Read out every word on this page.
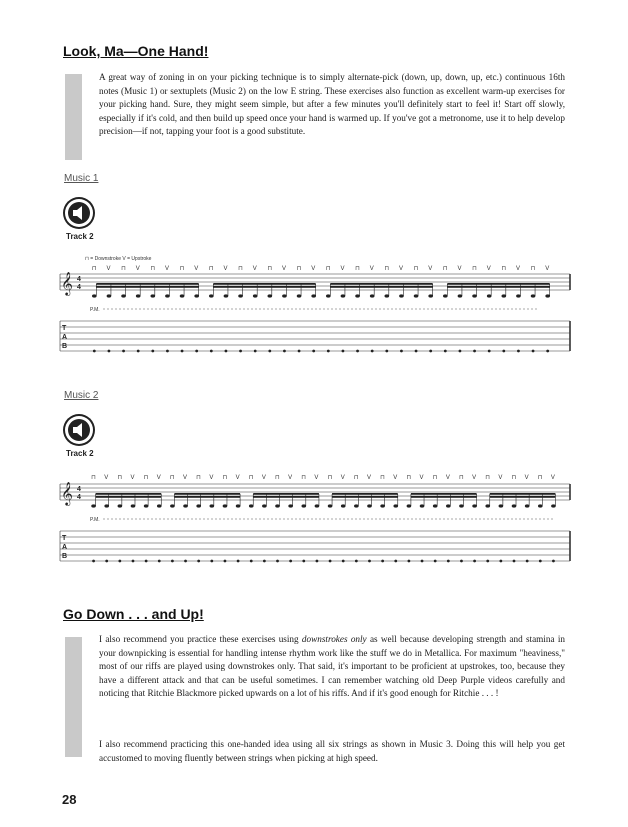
Look, Ma—One Hand!

A great way of zoning in on your picking technique is to simply alternate-pick (down, up, down, up, etc.) continuous 16th notes (Music 1) or sextuplets (Music 2) on the low E string. These exercises also function as excellent warm-up exercises for your picking hand. Sure, they might seem simple, but after a few minutes you'll definitely start to feel it! Start off slowly, especially if it's cold, and then build up speed once your hand is warmed up. If you've got a metronome, use it to help develop precision—if not, tapping your foot is a good substitute.

Music 1
Track 2
⊓ = Downstroke V = Upstroke
𝄞 4
4
⊓ V ⊓ V ⊓ V ⊓ V ⊓ V ⊓ V ⊓ V ⊓ V ⊓ V ⊓ V ⊓ V ⊓ V ⊓ V ⊓ V ⊓ V ⊓ V
P.M.
T
A
B
Music 2
Track 2
𝄞 4
4
⊓ V ⊓ V ⊓ V ⊓ V ⊓ V ⊓ V ⊓ V ⊓ V ⊓ V ⊓ V ⊓ V ⊓ V ⊓ V ⊓ V ⊓ V ⊓ V ⊓ V ⊓ V
P.M.
T
A
B
Go Down . . . and Up!

I also recommend you practice these exercises using downstrokes only as well because developing strength and stamina in your downpicking is essential for handling intense rhythm work like the stuff we do in Metallica. For maximum "heaviness," most of our riffs are played using downstrokes only. That said, it's important to be proficient at upstrokes, too, because they have a different attack and that can be useful sometimes. I can remember watching old Deep Purple videos carefully and noticing that Ritchie Blackmore picked upwards on a lot of his riffs. And if it's good enough for Ritchie . . . !

I also recommend practicing this one-handed idea using all six strings as shown in Music 3. Doing this will help you get accustomed to moving fluently between strings when picking at high speed.

28
